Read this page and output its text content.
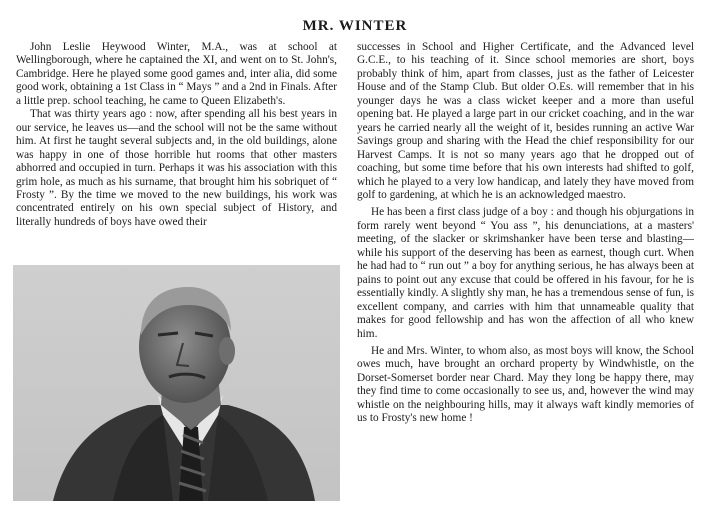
MR. WINTER

John Leslie Heywood Winter, M.A., was at school at Wellingborough, where he captained the XI, and went on to St. John's, Cambridge. Here he played some good games and, inter alia, did some good work, obtaining a 1st Class in “ Mays ” and a 2nd in Finals. After a little prep. school teaching, he came to Queen Elizabeth's.

That was thirty years ago : now, after spending all his best years in our service, he leaves us—and the school will not be the same without him. At first he taught several subjects and, in the old buildings, alone was happy in one of those horrible hut rooms that other masters abhorred and occupied in turn. Perhaps it was his association with this grim hole, as much as his surname, that brought him his sobriquet of “ Frosty ”. By the time we moved to the new buildings, his work was concentrated entirely on his own special subject of History, and literally hundreds of boys have owed their

successes in School and Higher Certificate, and the Advanced level G.C.E., to his teaching of it. Since school memories are short, boys probably think of him, apart from classes, just as the father of Leicester House and of the Stamp Club. But older O.Es. will remember that in his younger days he was a class wicket keeper and a more than useful opening bat. He played a large part in our cricket coaching, and in the war years he carried nearly all the weight of it, besides running an active War Savings group and sharing with the Head the chief responsibility for our Harvest Camps. It is not so many years ago that he dropped out of coaching, but some time before that his own interests had shifted to golf, which he played to a very low handicap, and lately they have moved from golf to gardening, at which he is an acknowledged maestro.

He has been a first class judge of a boy : and though his objurgations in form rarely went beyond “ You ass ”, his denunciations, at a masters' meeting, of the slacker or skrimshanker have been terse and blasting—while his support of the deserving has been as earnest, though curt. When he had had to “ run out ” a boy for anything serious, he has always been at pains to point out any excuse that could be offered in his favour, for he is essentially kindly. A slightly shy man, he has a tremendous sense of fun, is excellent company, and carries with him that unnameable quality that makes for good fellowship and has won the affection of all who knew him.

He and Mrs. Winter, to whom also, as most boys will know, the School owes much, have brought an orchard property by Windwhistle, on the Dorset-Somerset border near Chard. May they long be happy there, may they find time to come occasionally to see us, and, however the wind may whistle on the neighbouring hills, may it always waft kindly memories of us to Frosty's new home !
